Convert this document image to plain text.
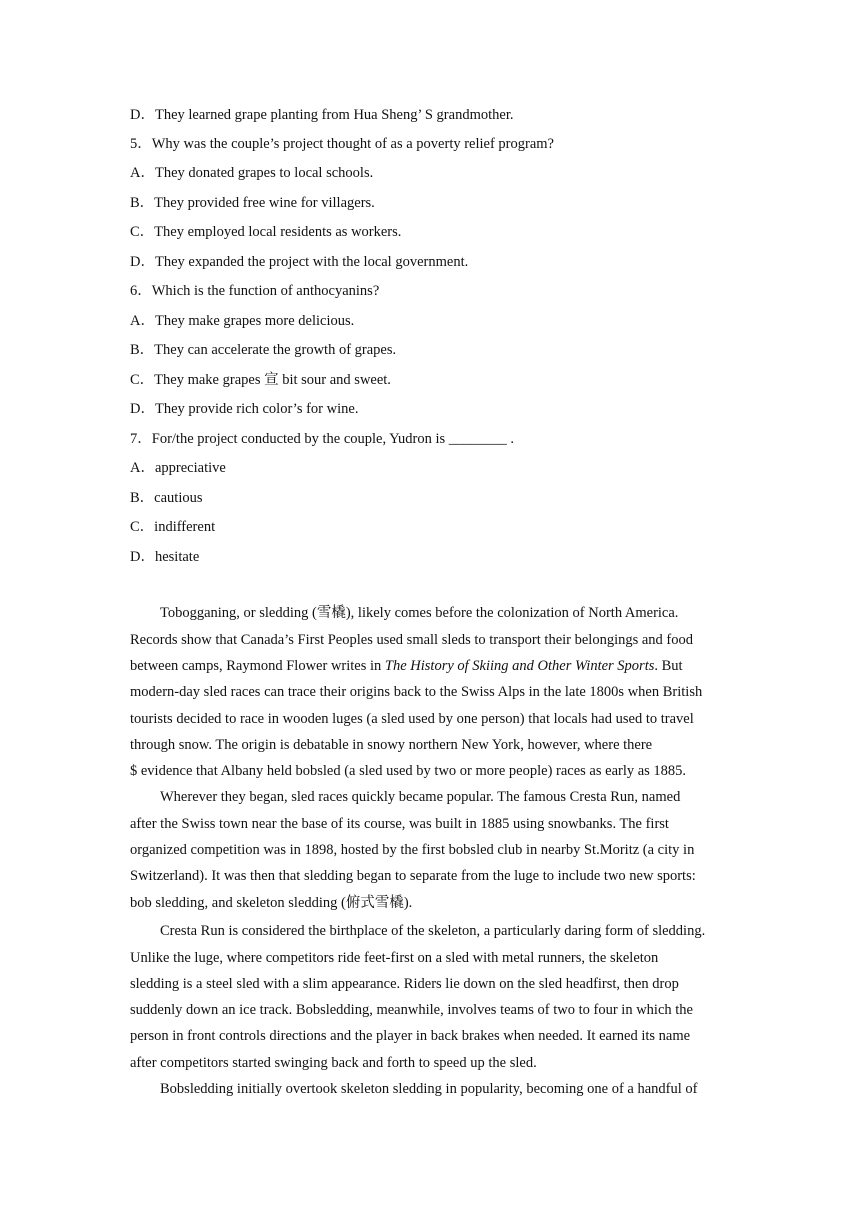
D．They learned grape planting from Hua Sheng’ S grandmother.
5．Why was the couple’s project thought of as a poverty relief program?
A．They donated grapes to local schools.
B．They provided free wine for villagers.
C．They employed local residents as workers.
D．They expanded the project with the local government.
6．Which is the function of anthocyanins?
A．They make grapes more delicious.
B．They can accelerate the growth of grapes.
C．They make grapes 宣 bit sour and sweet.
D．They provide rich color’s for wine.
7．For/the project conducted by the couple, Yudron is ________ .
A．appreciative
B．cautious
C．indifferent
D．hesitate
Tobogganing, or sledding (雪橇), likely comes before the colonization of North America.
Records show that Canada’s First Peoples used small sleds to transport their belongings and food
between camps, Raymond Flower writes in The History of Skiing and Other Winter Sports. But
modern-day sled races can trace their origins back to the Swiss Alps in the late 1800s when British
tourists decided to race in wooden luges (a sled used by one person) that locals had used to travel
through snow. The origin is debatable in snowy northern New York, however, where there
$ evidence that Albany held bobsled (a sled used by two or more people) races as early as 1885.
Wherever they began, sled races quickly became popular. The famous Cresta Run, named
after the Swiss town near the base of its course, was built in 1885 using snowbanks. The first
organized competition was in 1898, hosted by the first bobsled club in nearby St.Moritz (a city in
Switzerland). It was then that sledding began to separate from the luge to include two new sports:
bob sledding, and skeleton sledding (俯式雪橇).
Cresta Run is considered the birthplace of the skeleton, a particularly daring form of sledding.
Unlike the luge, where competitors ride feet-first on a sled with metal runners, the skeleton
sledding is a steel sled with a slim appearance. Riders lie down on the sled headfirst, then drop
suddenly down an ice track. Bobsledding, meanwhile, involves teams of two to four in which the
person in front controls directions and the player in back brakes when needed. It earned its name
after competitors started swinging back and forth to speed up the sled.
Bobsledding initially overtook skeleton sledding in popularity, becoming one of a handful of
